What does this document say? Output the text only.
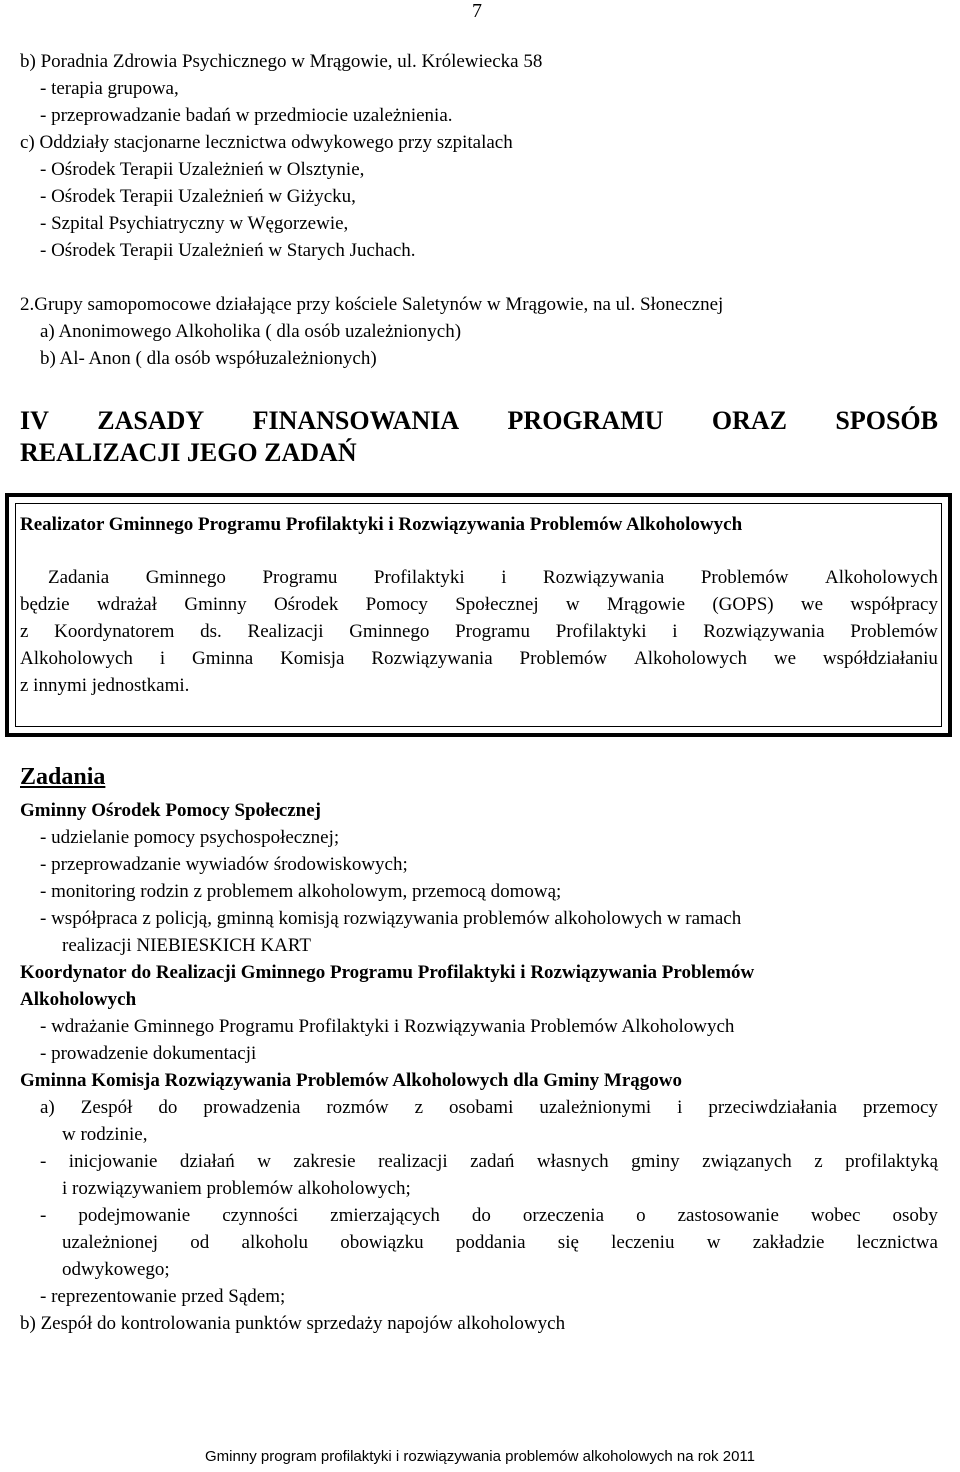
7
b) Poradnia Zdrowia Psychicznego w Mrągowie, ul. Królewiecka 58
- terapia grupowa,
- przeprowadzanie badań w przedmiocie uzależnienia.
c) Oddziały stacjonarne lecznictwa odwykowego przy szpitalach
- Ośrodek Terapii Uzależnień w Olsztynie,
- Ośrodek Terapii Uzależnień w Giżycku,
- Szpital Psychiatryczny w Węgorzewie,
- Ośrodek Terapii Uzależnień w Starych Juchach.
2.Grupy samopomocowe działające przy kościele Saletynów w Mrągowie, na ul. Słonecznej
a) Anonimowego Alkoholika ( dla osób uzależnionych)
b) Al- Anon ( dla osób współuzależnionych)
IV ZASADY FINANSOWANIA PROGRAMU ORAZ SPOSÓB
REALIZACJI JEGO ZADAŃ
Realizator Gminnego Programu Profilaktyki i Rozwiązywania Problemów Alkoholowych
Zadania Gminnego Programu Profilaktyki i Rozwiązywania Problemów Alkoholowych
będzie wdrażał Gminny Ośrodek Pomocy Społecznej w Mrągowie (GOPS) we współpracy
z Koordynatorem ds. Realizacji Gminnego Programu Profilaktyki i Rozwiązywania Problemów
Alkoholowych i Gminna Komisja Rozwiązywania Problemów Alkoholowych we współdziałaniu
z innymi jednostkami.
Zadania
Gminny Ośrodek Pomocy Społecznej
- udzielanie pomocy psychospołecznej;
- przeprowadzanie wywiadów środowiskowych;
- monitoring rodzin z problemem alkoholowym, przemocą domową;
- współpraca z policją, gminną komisją rozwiązywania problemów alkoholowych w ramach
realizacji NIEBIESKICH KART
Koordynator do Realizacji Gminnego Programu Profilaktyki i Rozwiązywania Problemów
Alkoholowych
- wdrażanie Gminnego Programu Profilaktyki i Rozwiązywania Problemów Alkoholowych
- prowadzenie dokumentacji
Gminna Komisja Rozwiązywania Problemów Alkoholowych dla Gminy Mrągowo
a) Zespół do prowadzenia rozmów z osobami uzależnionymi i przeciwdziałania przemocy
w rodzinie,
- inicjowanie działań w zakresie realizacji zadań własnych gminy związanych z profilaktyką
i rozwiązywaniem problemów alkoholowych;
- podejmowanie czynności zmierzających do orzeczenia o zastosowanie wobec osoby
uzależnionej od alkoholu obowiązku poddania się leczeniu w zakładzie lecznictwa
odwykowego;
- reprezentowanie przed Sądem;
b) Zespół do kontrolowania punktów sprzedaży napojów alkoholowych
Gminny program profilaktyki i rozwiązywania problemów alkoholowych na rok 2011
